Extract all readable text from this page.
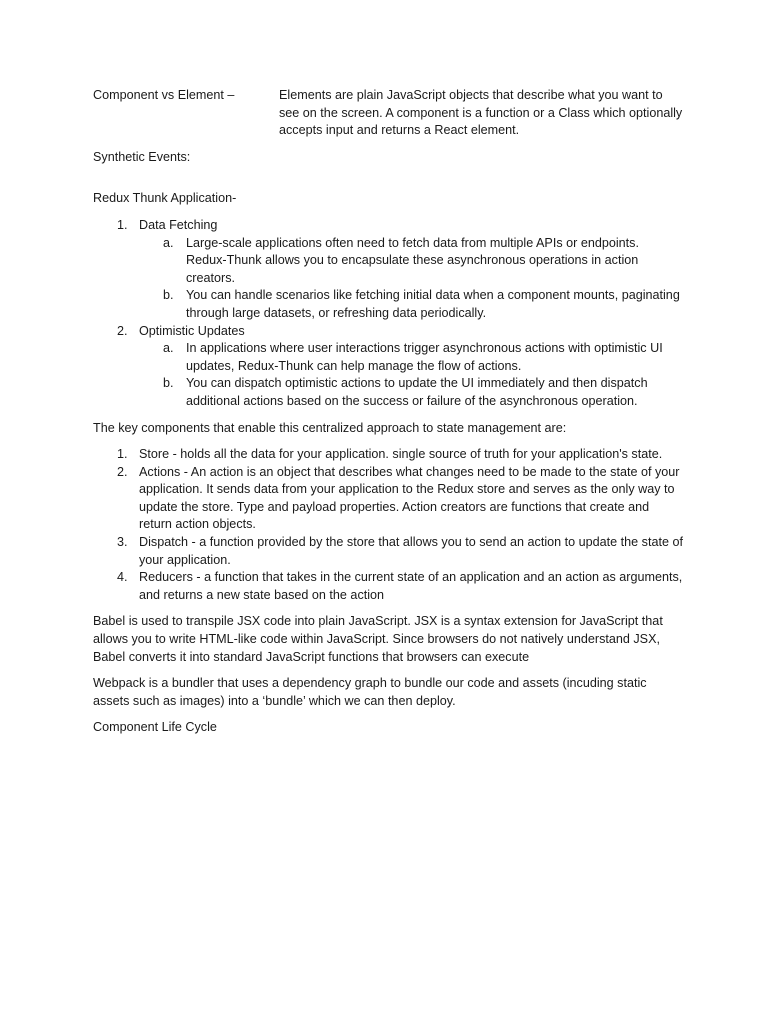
Component vs Element –	Elements are plain JavaScript objects that describe what you want to see on the screen. A component is a function or a Class which optionally accepts input and returns a React element.

Synthetic Events:

Redux Thunk Application-

1. Data Fetching
a. Large-scale applications often need to fetch data from multiple APIs or endpoints. Redux-Thunk allows you to encapsulate these asynchronous operations in action creators.
b. You can handle scenarios like fetching initial data when a component mounts, paginating through large datasets, or refreshing data periodically.
2. Optimistic Updates
a. In applications where user interactions trigger asynchronous actions with optimistic UI updates, Redux-Thunk can help manage the flow of actions.
b. You can dispatch optimistic actions to update the UI immediately and then dispatch additional actions based on the success or failure of the asynchronous operation.

The key components that enable this centralized approach to state management are:

1. Store - holds all the data for your application. single source of truth for your application's state.
2. Actions - An action is an object that describes what changes need to be made to the state of your application. It sends data from your application to the Redux store and serves as the only way to update the store. Type and payload properties. Action creators are functions that create and return action objects.
3. Dispatch - a function provided by the store that allows you to send an action to update the state of your application.
4. Reducers - a function that takes in the current state of an application and an action as arguments, and returns a new state based on the action

Babel is used to transpile JSX code into plain JavaScript. JSX is a syntax extension for JavaScript that allows you to write HTML-like code within JavaScript. Since browsers do not natively understand JSX, Babel converts it into standard JavaScript functions that browsers can execute

Webpack is a bundler that uses a dependency graph to bundle our code and assets (incuding static assets such as images) into a ‘bundle’ which we can then deploy.

Component Life Cycle
